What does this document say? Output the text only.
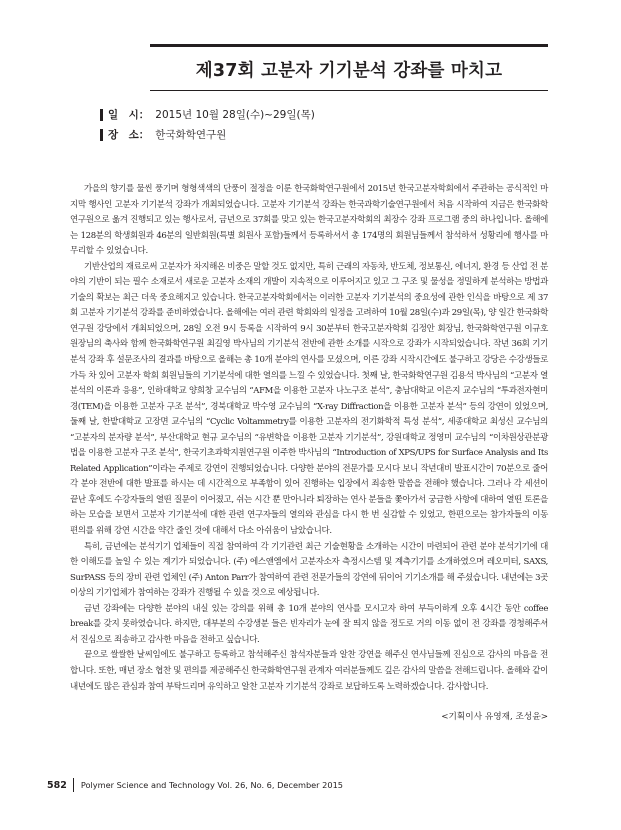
제37회 고분자 기기분석 강좌를 마치고
일　시： 2015년 10월 28일(수)~29일(목)
장　소： 한국화학연구원

가을의 향기를 물씬 풍기며 형형색색의 단풍이 절정을 이룬 한국화학연구원에서 2015년 한국고분자학회에서 주관하는 공식적인 마지막 행사인 고분자 기기분석 강좌가 개최되었습니다. 고분자 기기분석 강좌는 한국과학기술연구원에서 처음 시작하여 지금은 한국화학연구원으로 옮겨 진행되고 있는 행사로서, 금년으로 37회를 맞고 있는 한국고분자학회의 최장수 강좌 프로그램 중의 하나입니다. 올해에는 128분의 학생회원과 46분의 일반회원(특별 회원사 포함)들께서 등록하셔서 총 174명의 회원님들께서 참석하셔 성황리에 행사를 마무리할 수 있었습니다.

기반산업의 재료로써 고분자가 차지해온 비중은 말할 것도 없지만, 특히 근래의 자동차, 반도체, 정보통신, 에너지, 환경 등 산업 전 분야의 기반이 되는 필수 소재로서 새로운 고분자 소재의 개발이 지속적으로 이루어지고 있고 그 구조 및 물성을 정밀하게 분석하는 방법과 기술의 확보는 최근 더욱 중요해지고 있습니다. 한국고분자학회에서는 이러한 고분자 기기분석의 중요성에 관한 인식을 바탕으로 제 37회 고분자 기기분석 강좌를 준비하였습니다. 올해에는 여러 관련 학회와의 일정을 고려하여 10월 28일(수)과 29일(목), 양 일간 한국화학연구원 강당에서 개최되었으며, 28일 오전 9시 등록을 시작하여 9시 30분부터 한국고분자학회 김정안 회장님, 한국화학연구원 이규호 원장님의 축사와 함께 한국화학연구원 최길영 박사님의 기기분석 전반에 관한 소개를 시작으로 강좌가 시작되었습니다. 작년 36회 기기분석 강좌 후 설문조사의 결과를 바탕으로 올해는 총 10개 분야의 연사를 모셨으며, 이른 강좌 시작시간에도 불구하고 강당은 수강생들로 가득 차 있어 고분자 학회 회원님들의 기기분석에 대한 열의를 느낄 수 있었습니다. 첫째 날, 한국화학연구원 김용석 박사님의 “고분자 열분석의 이론과 응용”, 인하대학교 양희창 교수님의 “AFM을 이용한 고분자 나노구조 분석”, 충남대학교 이은지 교수님의 “투과전자현미경(TEM)을 이용한 고분자 구조 분석”, 경북대학교 박수영 교수님의 “X-ray Diffraction을 이용한 고분자 분석” 등의 강연이 있었으며, 둘째 날, 한밭대학교 고장면 교수님의 “Cyclic Voltammetry를 이용한 고분자의 전기화학적 특성 분석”, 세종대학교 최성신 교수님의 “고분자의 분자량 분석”, 부산대학교 현규 교수님의 “유변학을 이용한 고분자 기기분석”, 강원대학교 정영미 교수님의 “이차원상관분광법을 이용한 고분자 구조 분석”, 한국기초과학지원연구원 이주한 박사님의 “Introduction of XPS/UPS for Surface Analysis and Its Related Application”이라는 주제로 강연이 진행되었습니다. 다양한 분야의 전문가를 모시다 보니 작년대비 발표시간이 70분으로 줄어 각 분야 전반에 대한 발표를 하시는 데 시간적으로 부족함이 있어 진행하는 입장에서 죄송한 말씀을 전해야 했습니다. 그러나 각 세션이 끝난 후에도 수강자들의 열띤 질문이 이어졌고, 쉬는 시간 뿐 만아니라 퇴장하는 연사 분들을 쫓아가서 궁금한 사항에 대하여 열띤 토론을 하는 모습을 보면서 고분자 기기분석에 대한 관련 연구자들의 열의와 관심을 다시 한 번 실감할 수 있었고, 한편으로는 참가자들의 이동 편의를 위해 강연 시간을 약간 줄인 것에 대해서 다소 아쉬움이 남았습니다.

특히, 금년에는 분석기기 업체들이 직접 참여하여 각 기기관련 최근 기술현황을 소개하는 시간이 마련되어 관련 분야 분석기기에 대한 이해도를 높일 수 있는 계기가 되었습니다. (주) 에스앤엠에서 고분자소자 측정시스템 및 계측기기를 소개하였으며 레오미터, SAXS, SurPASS 등의 장비 관련 업체인 (주) Anton Parr가 참여하여 관련 전문가들의 강연에 뒤이어 기기소개를 해 주셨습니다. 내년에는 3곳 이상의 기기업체가 참여하는 강좌가 진행될 수 있을 것으로 예상됩니다.

금년 강좌에는 다양한 분야의 내실 있는 강의를 위해 총 10개 분야의 연사를 모시고자 하여 부득이하게 오후 4시간 동안 coffee break를 갖지 못하였습니다. 하지만, 대부분의 수강생분 들은 빈자리가 눈에 잘 띄지 않을 정도로 거의 이동 없이 전 강좌를 경청해주셔서 진심으로 죄송하고 감사한 마음을 전하고 싶습니다.

끝으로 쌀쌀한 날씨임에도 불구하고 등록하고 참석해주신 참석자분들과 알찬 강연을 해주신 연사님들께 진심으로 감사의 마음을 전합니다. 또한, 매년 장소 협찬 및 편의를 제공해주신 한국화학연구원 관계자 여러분들께도 깊은 감사의 말씀을 전해드립니다. 올해와 같이 내년에도 많은 관심과 참여 부탁드리며 유익하고 알찬 고분자 기기분석 강좌로 보답하도록 노력하겠습니다. 감사합니다.

<기획이사 유영재, 조성윤>
582 Polymer Science and Technology Vol. 26, No. 6, December 2015
